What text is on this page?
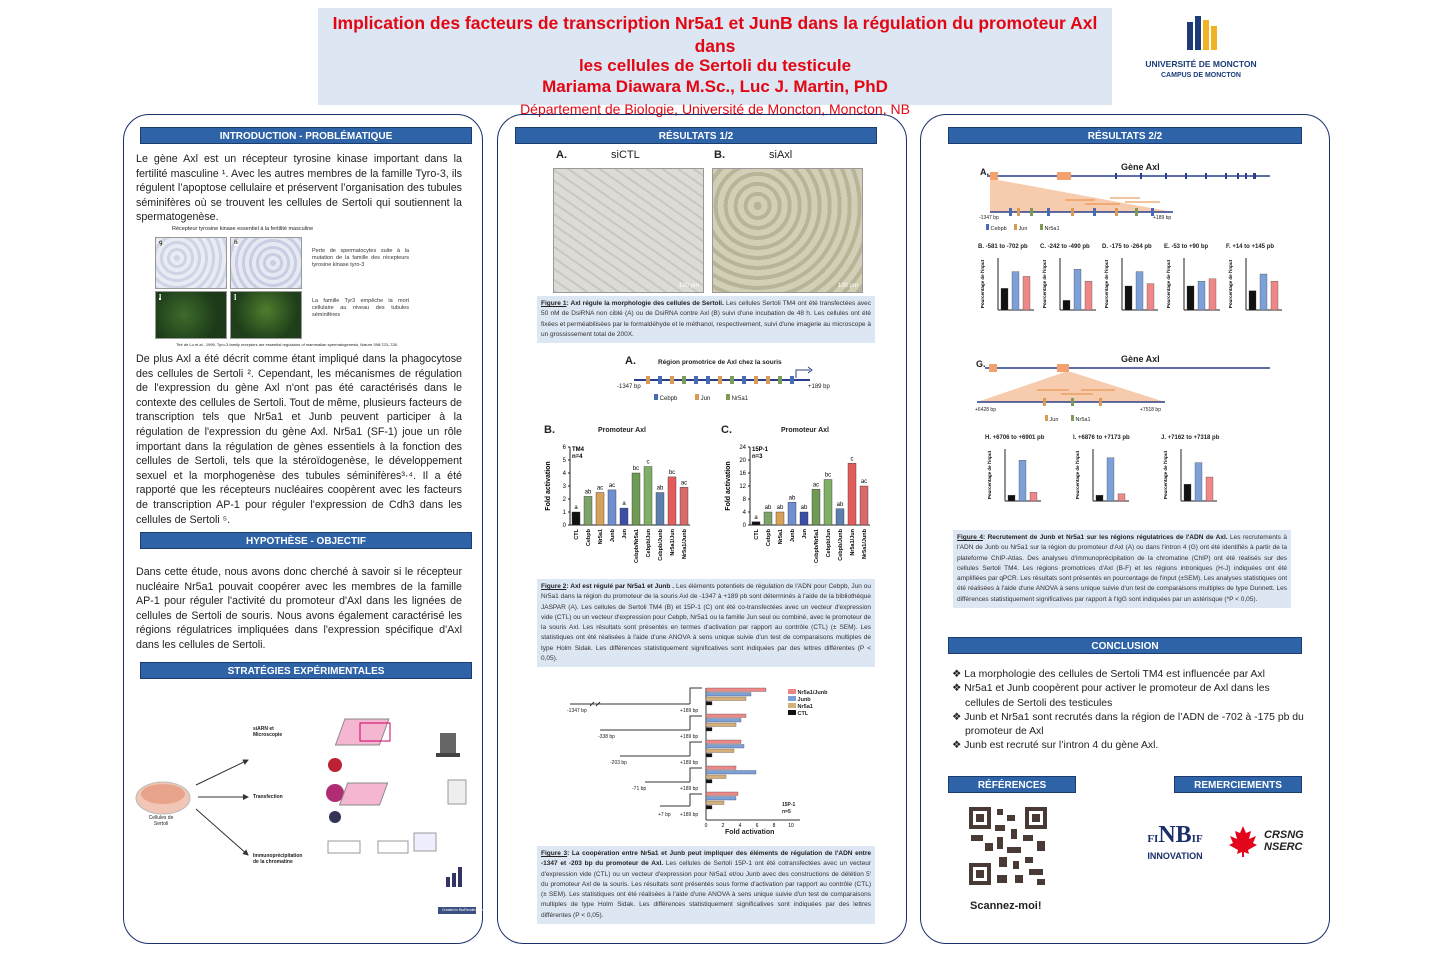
Implication des facteurs de transcription Nr5a1 et JunB dans la régulation du promoteur Axl dans
les cellules de Sertoli du testicule
Mariama Diawara M.Sc., Luc J. Martin, PhD
Département de Biologie, Université de Moncton, Moncton, NB
UNIVERSITÉ DE MONCTON
CAMPUS DE MONCTON
INTRODUCTION - PROBLÉMATIQUE
Le gène Axl est un récepteur tyrosine kinase important dans la fertilité masculine ¹. Avec les autres membres de la famille Tyro-3, ils régulent l’apoptose cellulaire et préservent l’organisation des tubules séminifères où se trouvent les cellules de Sertoli qui soutiennent la spermatogenèse.
Récepteur tyrosine kinase essentiel à la fertilité masculine
g	h
i	j
Perte de spermatocytes suite à la mutation de la famille des récepteurs tyrosine kinase tyro-3
La famille Tyr3 empêche la mort cellulaire au niveau des tubules séminifères
Tiré de Lu et al., 1999, Tyro-3 family receptors are essential regulators of mammalian spermatogenesis, Nature 398:723–728.
De plus Axl a été décrit comme étant impliqué dans la phagocytose des cellules de Sertoli ². Cependant, les mécanismes de régulation de l'expression du gène Axl n'ont pas été caractérisés dans le contexte des cellules de Sertoli. Tout de même, plusieurs facteurs de transcription tels que Nr5a1 et Junb peuvent participer à la régulation de l'expression du gène Axl. Nr5a1 (SF-1) joue un rôle important dans la régulation de gènes essentiels à la fonction des cellules de Sertoli, tels que la stéroïdogenèse, le développement sexuel et la morphogenèse des tubules séminifères³·⁴. Il a été rapporté que les récepteurs nucléaires coopèrent avec les facteurs de transcription AP-1 pour réguler l'expression de Cdh3 dans les cellules de Sertoli ⁵.
HYPOTHÈSE - OBJECTIF
Dans cette étude, nous avons donc cherché à savoir si le récepteur nucléaire Nr5a1 pouvait coopérer avec les membres de la famille AP-1 pour réguler l'activité du promoteur d'Axl dans les lignées de cellules de Sertoli de souris. Nous avons également caractérisé les régions régulatrices impliquées dans l'expression spécifique d'Axl dans les cellules de Sertoli.
STRATÉGIES EXPÉRIMENTALES
siARN et Microscopie
Transfection
Immunoprécipitation de la chromatine
Cellules de Sertoli
Created in BioRender.com
RÉSULTATS 1/2
A.	siCTL	B.	siAxl
100 µm	100 µm
Figure 1: Axl régule la morphologie des cellules de Sertoli. Les cellules Sertoli TM4 ont été transfectées avec 50 nM de DsiRNA non ciblé (A) ou de DsiRNA contre Axl (B) suivi d'une incubation de 48 h. Les cellules ont été fixées et perméabilisées par le formaldéhyde et le méthanol, respectivement, suivi d'une imagerie au microscope à un grossissement total de 200X.
A.	Région promotrice de Axl chez la souris
-1347 bp	+189 bp
Cebpb	Jun	Nr5a1
B.	Promoteur Axl	C.	Promoteur Axl
0
1
2
3
4
5
6
a
CTL
ab
Cebpb
ac
Nr5a1
ac
Junb
a
Jun
bc
Cebpb/Nr5a1
c
Cebpb/Jun
ab
Cebpb/Junb
bc
Nr5a1/Jun
ac
Nr5a1/Junb
Fold activation
TM4
n=4
0
4
8
12
16
20
24
a
CTL
ab
Cebpb
ab
Nr5a1
ab
Junb
ab
Jun
ac
Cebpb/Nr5a1
bc
Cebpb/Jun
ab
Cebpb/Junb
c
Nr5a1/Jun
ac
Nr5a1/Junb
Fold activation
15P-1
n=3
Figure 2: Axl est régulé par Nr5a1 et Junb . Les éléments potentiels de régulation de l'ADN pour Cebpb, Jun ou Nr5a1 dans la région du promoteur de la souris Axl de -1347 à +189 pb sont déterminés à l'aide de la bibliothèque JASPAR (A). Les cellules de Sertoli TM4 (B) et 15P-1 (C) ont été co-transfectées avec un vecteur d'expression vide (CTL) ou un vecteur d'expression pour Cebpb, Nr5a1 ou la famille Jun seul ou combiné, avec le promoteur de la souris Axl. Les résultats sont présentés en termes d'activation par rapport au contrôle (CTL) (± SEM). Les statistiques ont été réalisées à l'aide d'une ANOVA à sens unique suivie d'un test de comparaisons multiples de type Holm Sidak. Les différences statistiquement significatives sont indiquées par des lettres différentes (P < 0,05).
-1347 bp	+189 bp
-338 bp	+189 bp
-203 bp	+189 bp
-71 bp	+189 bp
+7 bp +189 bp
0	2	4	6	8	10
Fold activation
15P-1
n=5
Nr5a1/Junb
Junb
Nr5a1
CTL
Figure 3: La coopération entre Nr5a1 et Junb peut impliquer des éléments de régulation de l'ADN entre -1347 et -203 bp du promoteur de Axl. Les cellules de Sertoli 15P-1 ont été cotransfectées avec un vecteur d'expression vide (CTL) ou un vecteur d'expression pour Nr5a1 et/ou Junb avec des constructions de délétion 5' du promoteur Axl de la souris. Les résultats sont présentés sous forme d'activation par rapport au contrôle (CTL) (± SEM). Les statistiques ont été réalisées à l'aide d'une ANOVA à sens unique suivie d'un test de comparaisons multiples de type Holm Sidak. Les différences statistiquement significatives sont indiquées par des lettres différentes (P < 0,05).
RÉSULTATS 2/2
A.	Gène Axl
-1347 bp	+189 bp
Cebpb	Jun	Nr5a1
G.	Gène Axl
+6428 bp	+7518 bp
Jun	Nr5a1
Figure 4: Recrutement de Junb et Nr5a1 sur les régions régulatrices de l'ADN de Axl. Les recrutements à l'ADN de Junb ou Nr5a1 sur la région du promoteur d'Axl (A) ou dans l'intron 4 (G) ont été identifiés à partir de la plateforme ChIP-Atlas. Des analyses d'immunoprécipitation de la chromatine (ChIP) ont été réalisés sur des cellules Sertoli TM4. Les régions promotrices d'Axl (B-F) et les régions introniques (H-J) indiquées ont été amplifiées par qPCR. Les résultats sont présentés en pourcentage de l'input (±SEM). Les analyses statistiques ont été réalisées à l'aide d'une ANOVA à sens unique suivie d'un test de comparaisons multiples de type Dunnett. Les différences statistiquement significatives par rapport à l'IgG sont indiquées par un astérisque (*P < 0,05).
CONCLUSION
❖ La morphologie des cellules de Sertoli TM4 est influencée par Axl
❖ Nr5a1 et Junb coopèrent pour activer le promoteur de Axl dans les cellules de Sertoli des testicules
❖ Junb et Nr5a1 sont recrutés dans la région de l’ADN de -702 à -175 pb du promoteur de Axl
❖ Junb est recruté sur l’intron 4 du gène Axl.
RÉFÉRENCES	REMERCIEMENTS
Scannez-moi!
FINBIF
INNOVATION
CRSNG
NSERC
B. -581 to -702 pb
Pourcentage de l'input
C. -242 to -490 pb
Pourcentage de l'input
D. -175 to -264 pb
Pourcentage de l'input
E. -53 to +90 bp
Pourcentage de l'input
F. +14 to +145 pb
Pourcentage de l'input
H. +6706 to +6901 pb
Pourcentage de l'input
I. +6876 to +7173 pb
Pourcentage de l'input
J. +7162 to +7318 pb
Pourcentage de l'input
